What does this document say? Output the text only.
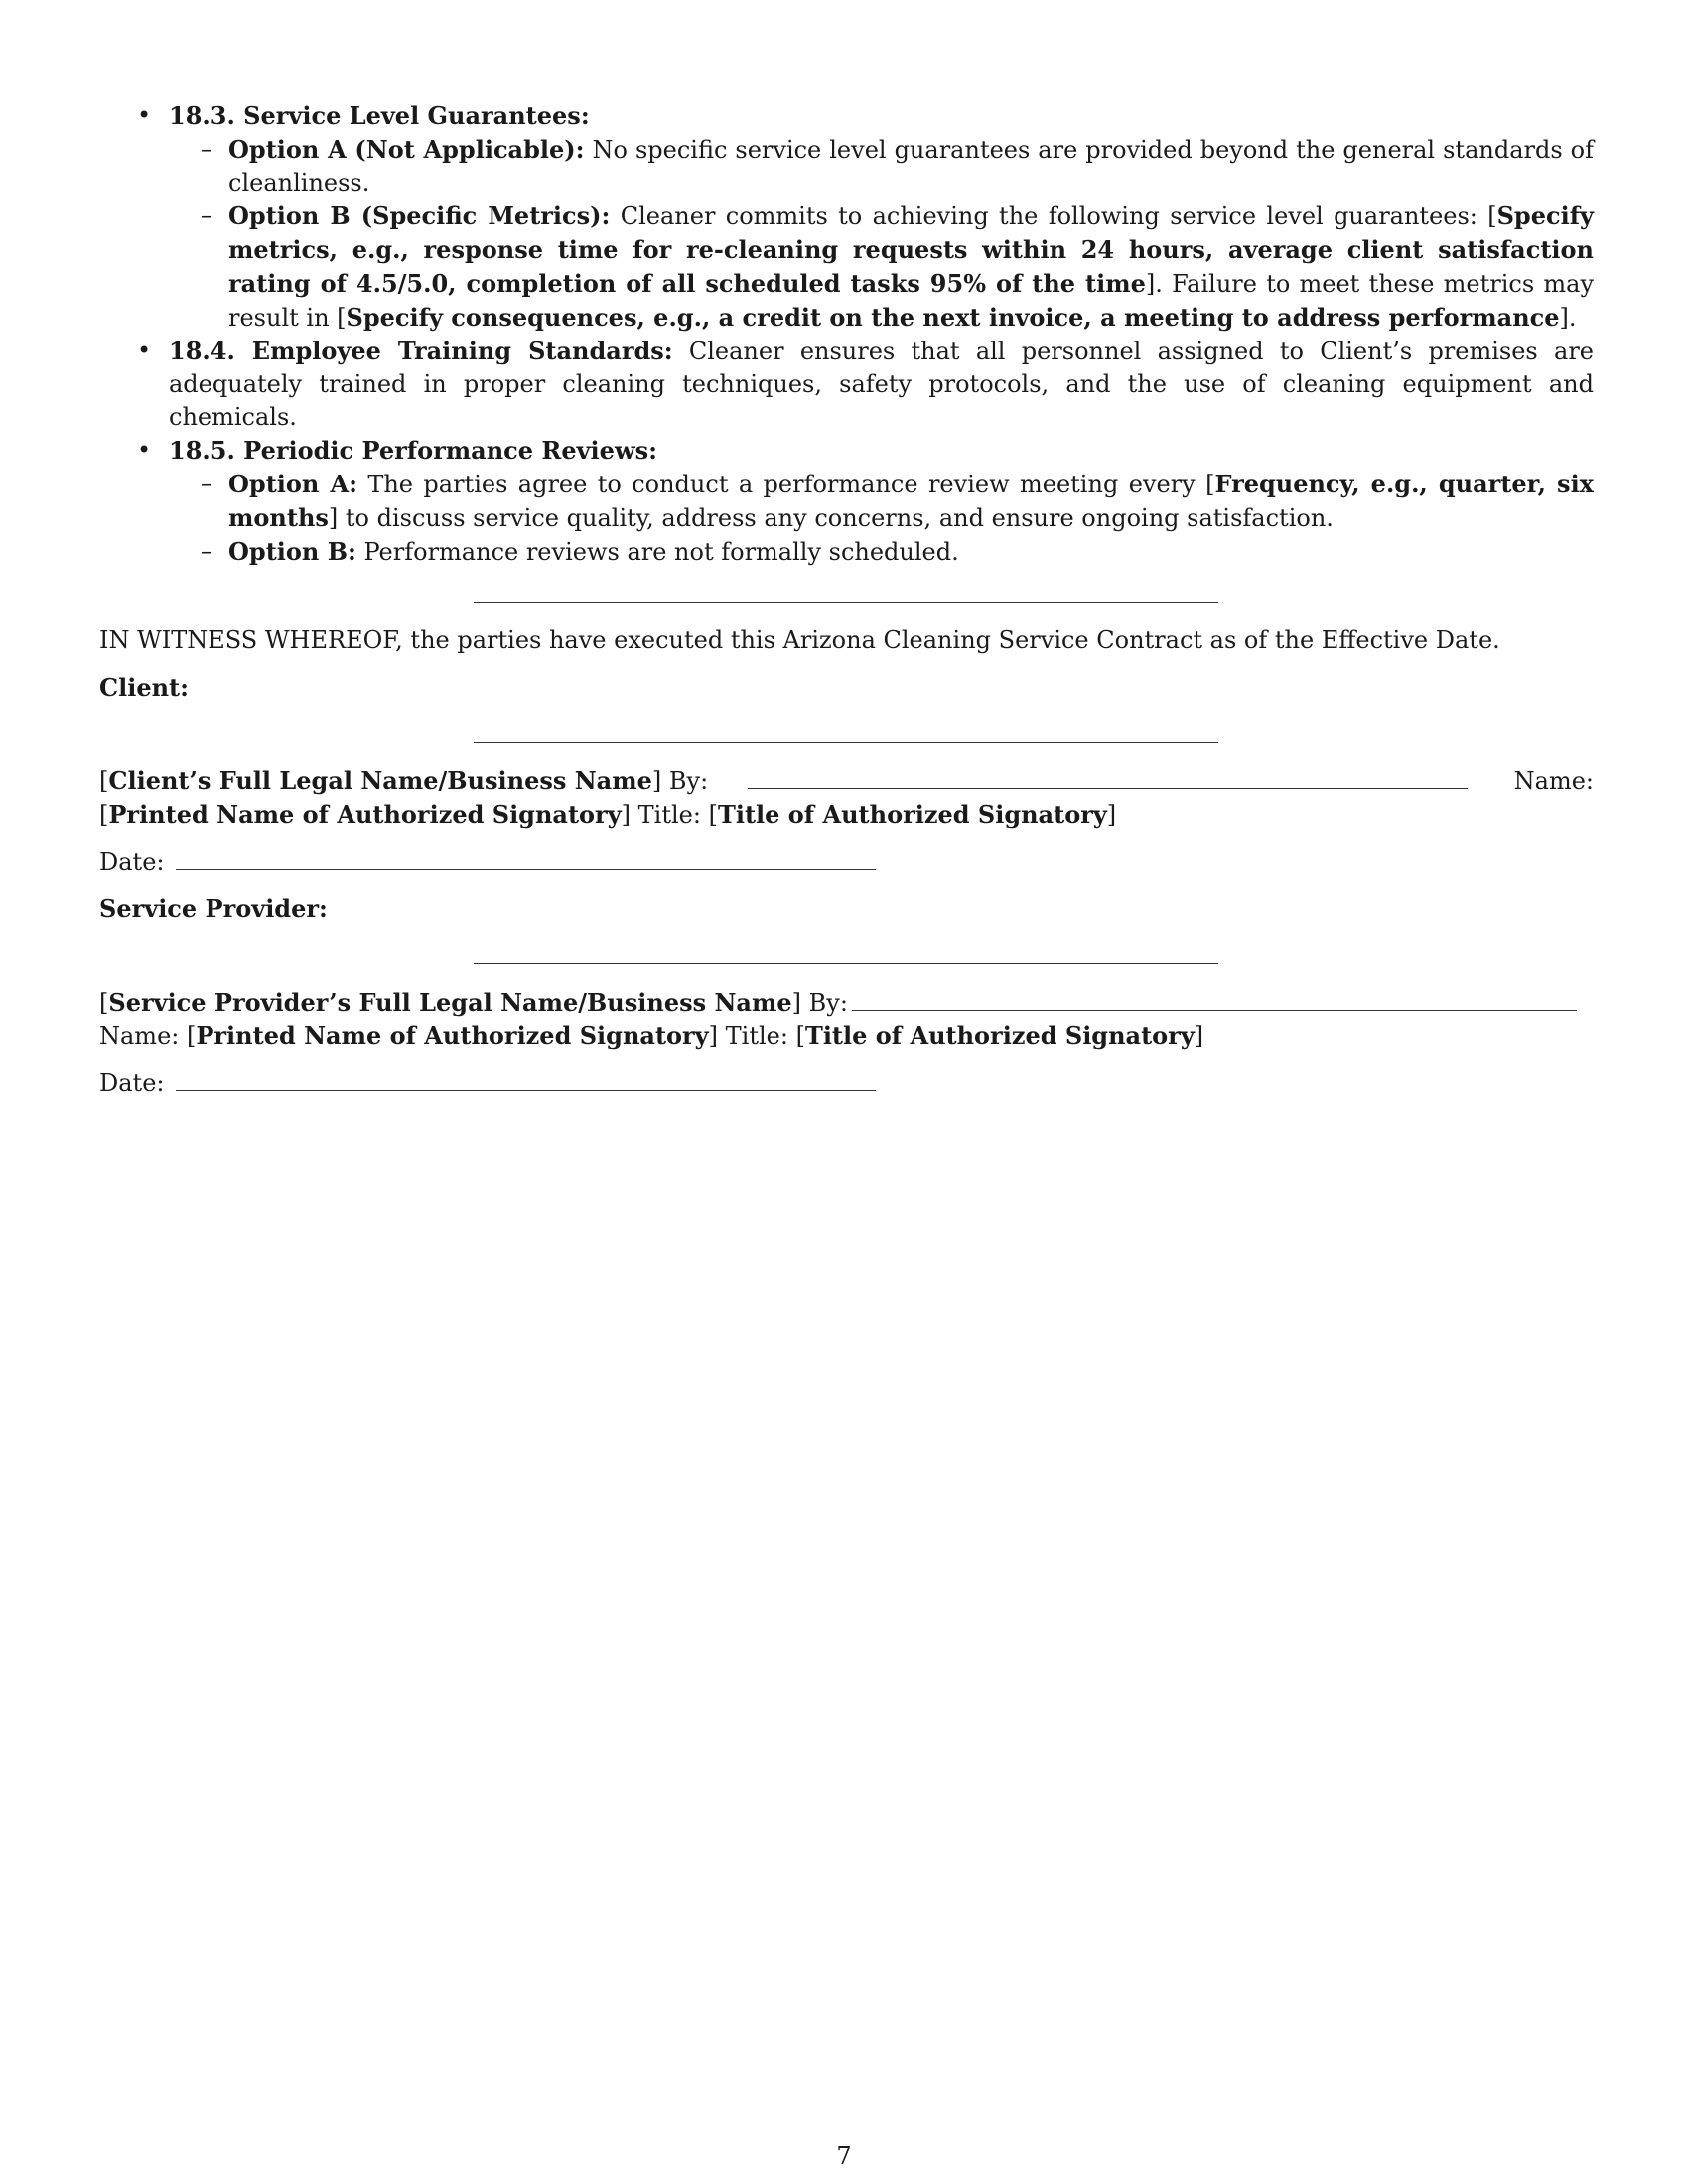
• 18.3. Service Level Guarantees:
– Option A (Not Applicable): No specific service level guarantees are provided beyond the general standards of cleanliness.
– Option B (Specific Metrics): Cleaner commits to achieving the following service level guarantees: [Specify metrics, e.g., response time for re-cleaning requests within 24 hours, average client satisfaction rating of 4.5/5.0, completion of all scheduled tasks 95% of the time]. Failure to meet these metrics may result in [Specify consequences, e.g., a credit on the next invoice, a meeting to address performance].
• 18.4. Employee Training Standards: Cleaner ensures that all personnel assigned to Client’s premises are adequately trained in proper cleaning techniques, safety protocols, and the use of cleaning equipment and chemicals.
• 18.5. Periodic Performance Reviews:
– Option A: The parties agree to conduct a performance review meeting every [Frequency, e.g., quarter, six months] to discuss service quality, address any concerns, and ensure ongoing satisfaction.
– Option B: Performance reviews are not formally scheduled.

IN WITNESS WHEREOF, the parties have executed this Arizona Cleaning Service Contract as of the Effective Date.

Client:
[Client’s Full Legal Name/Business Name] By:	Name:
[Printed Name of Authorized Signatory] Title: [Title of Authorized Signatory]
Date:
Service Provider:
[Service Provider’s Full Legal Name/Business Name] By:
Name: [Printed Name of Authorized Signatory] Title: [Title of Authorized Signatory]
Date:
7
